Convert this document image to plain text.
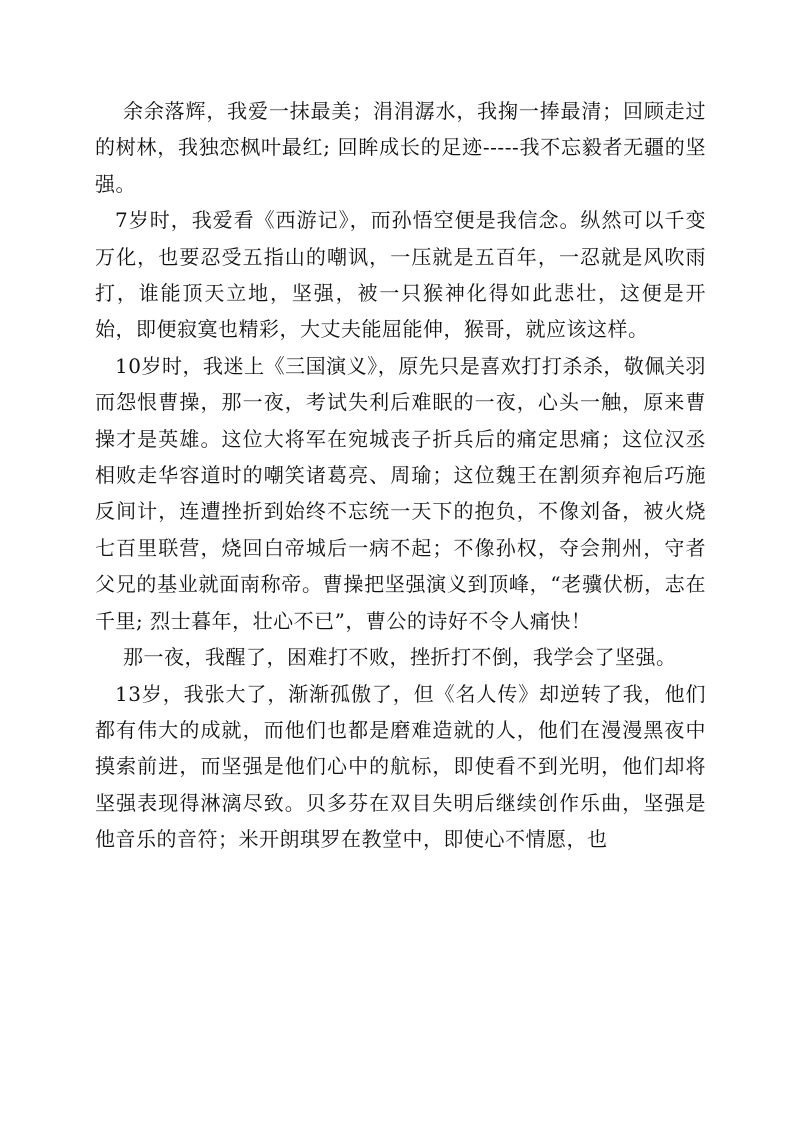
余余落辉，我爱一抹最美；涓涓潺水，我掬一捧最清；回顾走过的树林，我独恋枫叶最红; 回眸成长的足迹-----我不忘毅者无疆的坚强。

7岁时，我爱看《西游记》，而孙悟空便是我信念。纵然可以千变万化，也要忍受五指山的嘲讽，一压就是五百年，一忍就是风吹雨打，谁能顶天立地，坚强，被一只猴神化得如此悲壮，这便是开始，即便寂寞也精彩，大丈夫能屈能伸，猴哥，就应该这样。

10岁时，我迷上《三国演义》，原先只是喜欢打打杀杀，敬佩关羽而怨恨曹操，那一夜，考试失利后难眠的一夜，心头一触，原来曹操才是英雄。这位大将军在宛城丧子折兵后的痛定思痛；这位汉丞相败走华容道时的嘲笑诸葛亮、周瑜；这位魏王在割须弃袍后巧施反间计，连遭挫折到始终不忘统一天下的抱负，不像刘备，被火烧七百里联营，烧回白帝城后一病不起；不像孙权，夺会荆州，守者父兄的基业就面南称帝。曹操把坚强演义到顶峰，“老骥伏枥，志在千里; 烈士暮年，壮心不已”，曹公的诗好不令人痛快！

那一夜，我醒了，困难打不败，挫折打不倒，我学会了坚强。

13岁，我张大了，渐渐孤傲了，但《名人传》却逆转了我，他们都有伟大的成就，而他们也都是磨难造就的人，他们在漫漫黑夜中摸索前进，而坚强是他们心中的航标，即使看不到光明，他们却将坚强表现得淋漓尽致。贝多芬在双目失明后继续创作乐曲，坚强是他音乐的音符；米开朗琪罗在教堂中，即使心不情愿，也
